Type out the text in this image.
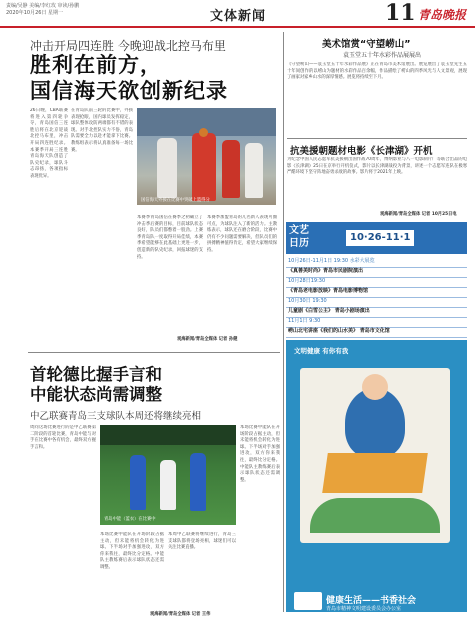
责编/吴静 美编/李红玫 审读/孙鹏
2020年10月26日 星期一	文体新闻	11 青岛晚报
冲击开局四连胜 今晚迎战北控马布里
胜利在前方，
国信海天欲创新纪录
26日晚，CBA联赛将进入第四轮争夺，青岛国信三连胜后将在北京迎战北控马布里，冲击开局四连胜纪录。本赛季开局三连胜青岛海天队创造了队史纪录，球队斗志昂扬，各项指标表现优异。
在青岛队前三轮的比赛中，外援表现抢眼，国内球员发挥稳定，球队整体攻防两端都有不错的表现。对手北控队实力不俗，青岛队需要全力以赴才能拿下比赛。教练组表示将认真准备每一场比赛。
本赛季青岛国信在赛季之初确立了冲击季后赛的目标，目前球队状态良好，队员们都憋着一股劲。上赛季青岛队一度取得开局佳绩，本赛季希望能够在此基础上更进一步，创造新的队史纪录，回报球迷的支持。
本赛季加盟青岛的几名新人表现可圈可点，为球队注入了新的活力。主教练表示，球队还在磨合阶段，比赛中仍有不少问题需要解决，但队员们的拼搏精神值得肯定，希望大家继续保持。
国信海天外援在比赛中突破上篮得分
观海新闻/青岛全媒体 记者 孙健
首轮德比握手言和
中能状态尚需调整
中乙联赛青岛三支球队本周还将继续亮相
周同这场比赛进行的是中乙联赛第二阶段的首轮比赛，青岛中能与对手在比赛中各有机会，最终双方握手言和。
本场比赛中能队在开场阶段占据主动，但未能将机会转化为进球。下半场对手加强进攻，双方你来我往，最终比分定格。中能队主教练赛后表示球队状态还需调整。
本周中乙联赛将继续进行，青岛三支球队都将登场亮相，球迷们可以关注比赛直播。
本场比赛中能队在开场阶段占据主动，但未能将机会转化为进球。下半场对手加强进攻，双方你来我往，最终比分定格。中能队主教练赛后表示球队状态还需调整。
青岛中能（蓝衣）在比赛中
观海新闻/青岛全媒体 记者 王伟
美术馆赏“守望崂山”
袁玉堂五十年水彩作品展展出
《守望崂山——袁玉堂五十年水彩作品展》正在青岛市美术馆展出。展览展出了袁玉堂先生五十年间创作的以崂山为题材的水彩作品百余幅，作品描绘了崂山的四季风光与人文景观，展现了画家对家乡山水的深厚情感。展览将持续至下月。
抗美援朝题材电影《长津湖》开机
为纪念中国人民志愿军抗美援朝出国作战70周年，博纳影业与八一电影制片厂等联合出品的电影《长津湖》25日在京举行开机仪式，影片以长津湖战役为背景，讲述一个志愿军连队在极寒严酷环境下坚守阵地奋勇杀敌的故事。影片将于2021年上映。
观海新闻/青岛全媒体 记者 10月25日电
文艺
日历
10·26-11·1
10月26日-11月1日 19:30 水彩大展览
《真善美时尚》青岛市民剧院演出
10月28日19:30
《青岛老电影放映》青岛电影博物馆
10月30日 19:30
儿童剧《白雪公主》 青岛小剧场演出
11月1日 9:30
崂山北宅讲座《我们的山水美》 青岛市文化馆
文明健康 有你有我
健康生活——书香社会
青岛市精神文明建设委员会办公室
